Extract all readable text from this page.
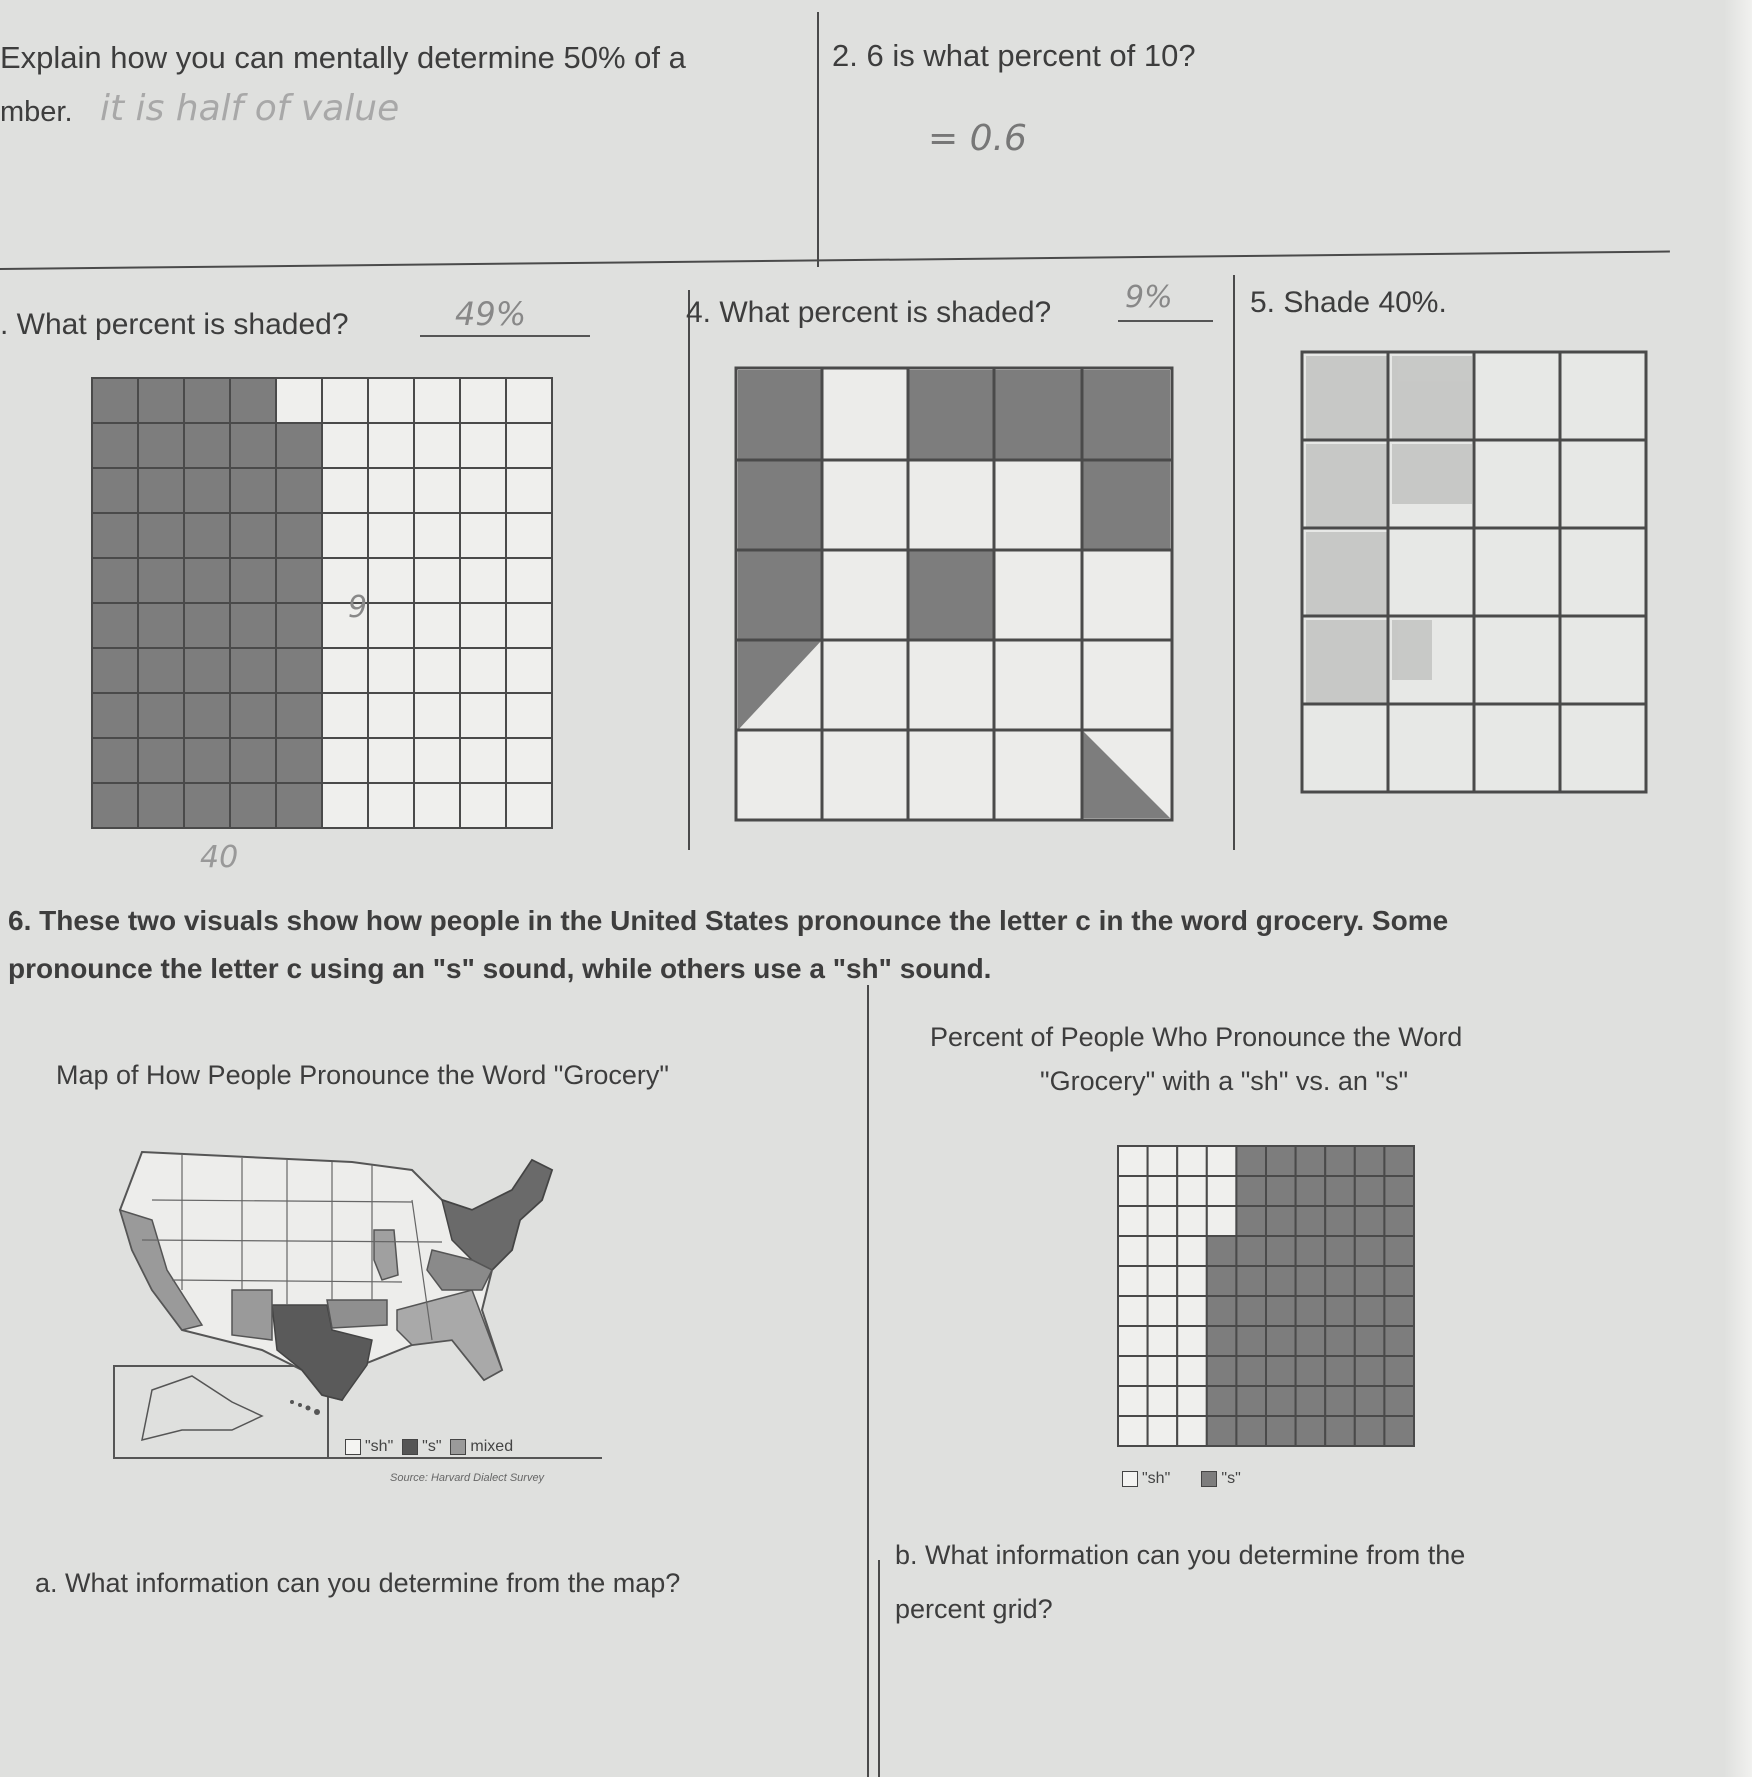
Explain how you can mentally determine 50% of a
mber. it is half of value
2. 6 is what percent of 10?
= 0.6
. What percent is shaded?	49%	4. What percent is shaded? 9%	5. Shade 40%.
9
40
6. These two visuals show how people in the United States pronounce the letter c in the word grocery. Some
pronounce the letter c using an "s" sound, while others use a "sh" sound.
Map of How People Pronounce the Word "Grocery"
Percent of People Who Pronounce the Word
"Grocery" with a "sh" vs. an "s"
"sh" "s" mixed
Source: Harvard Dialect Survey	"sh"	"s"
a. What information can you determine from the map?
b. What information can you determine from the
percent grid?
